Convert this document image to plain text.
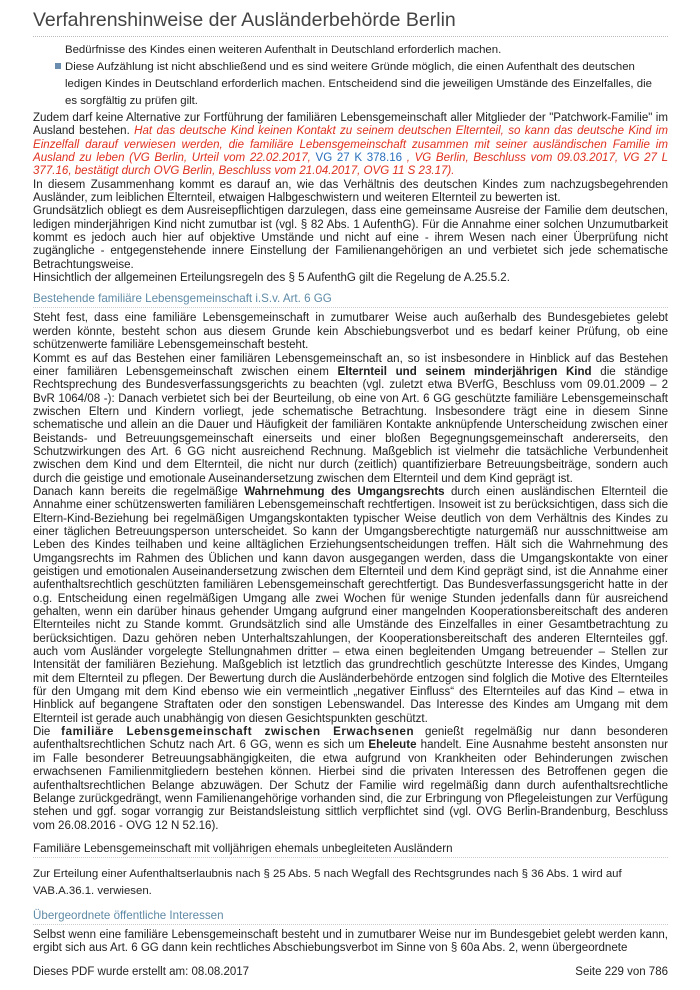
Verfahrenshinweise der Ausländerbehörde Berlin
Bedürfnisse des Kindes einen weiteren Aufenthalt in Deutschland erforderlich machen.
Diese Aufzählung ist nicht abschließend und es sind weitere Gründe möglich, die einen Aufenthalt des deutschen
ledigen Kindes in Deutschland erforderlich machen. Entscheidend sind die jeweiligen Umstände des Einzelfalles, die
es sorgfältig zu prüfen gilt.

Zudem darf keine Alternative zur Fortführung der familiären Lebensgemeinschaft aller Mitglieder der "Patchwork-Familie" im Ausland bestehen. Hat das deutsche Kind keinen Kontakt zu seinem deutschen Elternteil, so kann das deutsche Kind im Einzelfall darauf verwiesen werden, die familiäre Lebensgemeinschaft zusammen mit seiner ausländischen Familie im Ausland zu leben (VG Berlin, Urteil vom 22.02.2017, VG 27 K 378.16 , VG Berlin, Beschluss vom 09.03.2017, VG 27 L 377.16, bestätigt durch OVG Berlin, Beschluss vom 21.04.2017, OVG 11 S 23.17).

In diesem Zusammenhang kommt es darauf an, wie das Verhältnis des deutschen Kindes zum nachzugsbegehrenden Ausländer, zum leiblichen Elternteil, etwaigen Halbgeschwistern und weiteren Elternteil zu bewerten ist.

Grundsätzlich obliegt es dem Ausreisepflichtigen darzulegen, dass eine gemeinsame Ausreise der Familie dem deutschen, ledigen minderjährigen Kind nicht zumutbar ist (vgl. § 82 Abs. 1 AufenthG). Für die Annahme einer solchen Unzumutbarkeit kommt es jedoch auch hier auf objektive Umstände und nicht auf eine - ihrem Wesen nach einer Überprüfung nicht zugängliche - entgegenstehende innere Einstellung der Familienangehörigen an und verbietet sich jede schematische Betrachtungsweise.

Hinsichtlich der allgemeinen Erteilungsregeln des § 5 AufenthG gilt die Regelung de A.25.5.2.

Bestehende familiäre Lebensgemeinschaft i.S.v. Art. 6 GG

Steht fest, dass eine familiäre Lebensgemeinschaft in zumutbarer Weise auch außerhalb des Bundesgebietes gelebt werden könnte, besteht schon aus diesem Grunde kein Abschiebungsverbot und es bedarf keiner Prüfung, ob eine schützenwerte familiäre Lebensgemeinschaft besteht.

Kommt es auf das Bestehen einer familiären Lebensgemeinschaft an, so ist insbesondere in Hinblick auf das Bestehen einer familiären Lebensgemeinschaft zwischen einem Elternteil und seinem minderjährigen Kind die ständige Rechtsprechung des Bundesverfassungsgerichts zu beachten (vgl. zuletzt etwa BVerfG, Beschluss vom 09.01.2009 – 2 BvR 1064/08 -): Danach verbietet sich bei der Beurteilung, ob eine von Art. 6 GG geschützte familiäre Lebensgemeinschaft zwischen Eltern und Kindern vorliegt, jede schematische Betrachtung. Insbesondere trägt eine in diesem Sinne schematische und allein an die Dauer und Häufigkeit der familiären Kontakte anknüpfende Unterscheidung zwischen einer Beistands- und Betreuungsgemeinschaft einerseits und einer bloßen Begegnungsgemeinschaft andererseits, den Schutzwirkungen des Art. 6 GG nicht ausreichend Rechnung. Maßgeblich ist vielmehr die tatsächliche Verbundenheit zwischen dem Kind und dem Elternteil, die nicht nur durch (zeitlich) quantifizierbare Betreuungsbeiträge, sondern auch durch die geistige und emotionale Auseinandersetzung zwischen dem Elternteil und dem Kind geprägt ist.

Danach kann bereits die regelmäßige Wahrnehmung des Umgangsrechts durch einen ausländischen Elternteil die Annahme einer schützenswerten familiären Lebensgemeinschaft rechtfertigen. Insoweit ist zu berücksichtigen, dass sich die Eltern-Kind-Beziehung bei regelmäßigen Umgangskontakten typischer Weise deutlich von dem Verhältnis des Kindes zu einer täglichen Betreuungsperson unterscheidet. So kann der Umgangsberechtigte naturgemäß nur ausschnittweise am Leben des Kindes teilhaben und keine alltäglichen Erziehungsentscheidungen treffen. Hält sich die Wahrnehmung des Umgangsrechts im Rahmen des Üblichen und kann davon ausgegangen werden, dass die Umgangskontakte von einer geistigen und emotionalen Auseinandersetzung zwischen dem Elternteil und dem Kind geprägt sind, ist die Annahme einer aufenthaltsrechtlich geschützten familiären Lebensgemeinschaft gerechtfertigt. Das Bundesverfassungsgericht hatte in der o.g. Entscheidung einen regelmäßigen Umgang alle zwei Wochen für wenige Stunden jedenfalls dann für ausreichend gehalten, wenn ein darüber hinaus gehender Umgang aufgrund einer mangelnden Kooperationsbereitschaft des anderen Elternteiles nicht zu Stande kommt. Grundsätzlich sind alle Umstände des Einzelfalles in einer Gesamtbetrachtung zu berücksichtigen. Dazu gehören neben Unterhaltszahlungen, der Kooperationsbereitschaft des anderen Elternteiles ggf. auch vom Ausländer vorgelegte Stellungnahmen dritter – etwa einen begleitenden Umgang betreuender – Stellen zur Intensität der familiären Beziehung. Maßgeblich ist letztlich das grundrechtlich geschützte Interesse des Kindes, Umgang mit dem Elternteil zu pflegen. Der Bewertung durch die Ausländerbehörde entzogen sind folglich die Motive des Elternteiles für den Umgang mit dem Kind ebenso wie ein vermeintlich „negativer Einfluss“ des Elternteiles auf das Kind – etwa in Hinblick auf begangene Straftaten oder den sonstigen Lebenswandel. Das Interesse des Kindes am Umgang mit dem Elternteil ist gerade auch unabhängig von diesen Gesichtspunkten geschützt.

Die familiäre Lebensgemeinschaft zwischen Erwachsenen genießt regelmäßig nur dann besonderen aufenthaltsrechtlichen Schutz nach Art. 6 GG, wenn es sich um Eheleute handelt. Eine Ausnahme besteht ansonsten nur im Falle besonderer Betreuungsabhängigkeiten, die etwa aufgrund von Krankheiten oder Behinderungen zwischen erwachsenen Familienmitgliedern bestehen können. Hierbei sind die privaten Interessen des Betroffenen gegen die aufenthaltsrechtlichen Belange abzuwägen. Der Schutz der Familie wird regelmäßig dann durch aufenthaltsrechtliche Belange zurückgedrängt, wenn Familienangehörige vorhanden sind, die zur Erbringung von Pflegeleistungen zur Verfügung stehen und ggf. sogar vorrangig zur Beistandsleistung sittlich verpflichtet sind (vgl. OVG Berlin-Brandenburg, Beschluss vom 26.08.2016 - OVG 12 N 52.16).

Familiäre Lebensgemeinschaft mit volljährigen ehemals unbegleiteten Ausländern
Zur Erteilung einer Aufenthaltserlaubnis nach § 25 Abs. 5 nach Wegfall des Rechtsgrundes nach § 36 Abs. 1 wird auf
VAB.A.36.1. verwiesen.
Übergeordnete öffentliche Interessen

Selbst wenn eine familiäre Lebensgemeinschaft besteht und in zumutbarer Weise nur im Bundesgebiet gelebt werden kann, ergibt sich aus Art. 6 GG dann kein rechtliches Abschiebungsverbot im Sinne von § 60a Abs. 2, wenn übergeordnete

Dieses PDF wurde erstellt am: 08.08.2017	Seite 229 von 786
